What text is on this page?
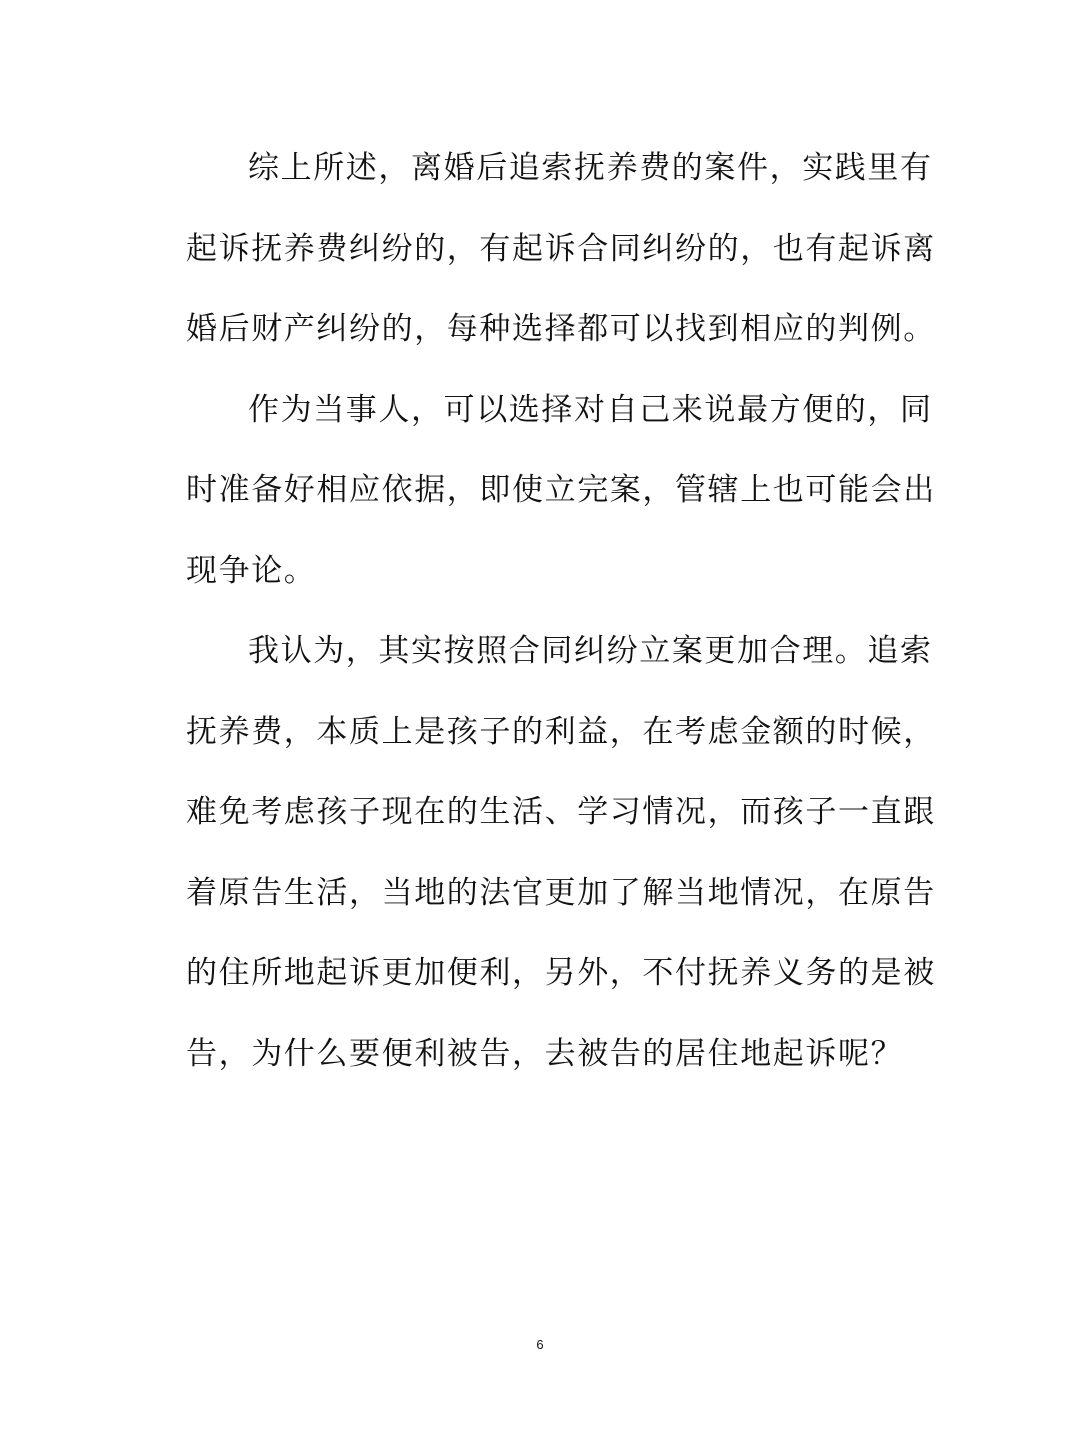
综上所述，离婚后追索抚养费的案件，实践里有
起诉抚养费纠纷的，有起诉合同纠纷的，也有起诉离
婚后财产纠纷的，每种选择都可以找到相应的判例。
作为当事人，可以选择对自己来说最方便的，同
时准备好相应依据，即使立完案，管辖上也可能会出
现争论。
我认为，其实按照合同纠纷立案更加合理。追索
抚养费，本质上是孩子的利益，在考虑金额的时候，
难免考虑孩子现在的生活、学习情况，而孩子一直跟
着原告生活，当地的法官更加了解当地情况，在原告
的住所地起诉更加便利，另外，不付抚养义务的是被
告，为什么要便利被告，去被告的居住地起诉呢？
6
